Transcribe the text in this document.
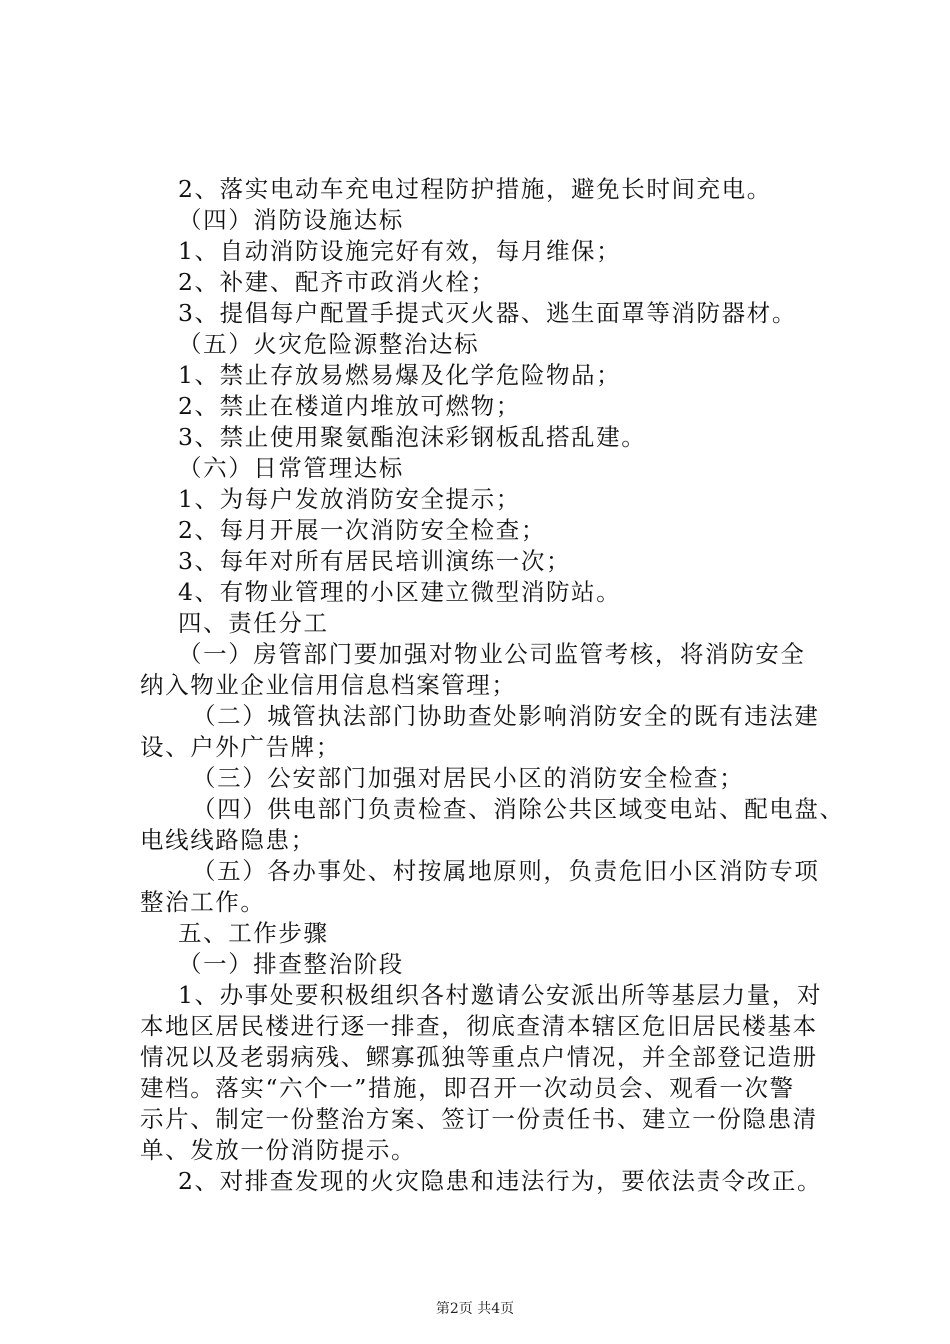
2、落实电动车充电过程防护措施，避免长时间充电。

（四）消防设施达标

1、自动消防设施完好有效，每月维保；

2、补建、配齐市政消火栓；

3、提倡每户配置手提式灭火器、逃生面罩等消防器材。

（五）火灾危险源整治达标

1、禁止存放易燃易爆及化学危险物品；

2、禁止在楼道内堆放可燃物；

3、禁止使用聚氨酯泡沫彩钢板乱搭乱建。

（六）日常管理达标

1、为每户发放消防安全提示；

2、每月开展一次消防安全检查；

3、每年对所有居民培训演练一次；

4、有物业管理的小区建立微型消防站。

四、责任分工

（一）房管部门要加强对物业公司监管考核，将消防安全

纳入物业企业信用信息档案管理；

（二）城管执法部门协助查处影响消防安全的既有违法建

设、户外广告牌；

（三）公安部门加强对居民小区的消防安全检查；

（四）供电部门负责检查、消除公共区域变电站、配电盘、

电线线路隐患；

（五）各办事处、村按属地原则，负责危旧小区消防专项

整治工作。

五、工作步骤

（一）排查整治阶段

1、办事处要积极组织各村邀请公安派出所等基层力量，对

本地区居民楼进行逐一排查，彻底查清本辖区危旧居民楼基本

情况以及老弱病残、鳏寡孤独等重点户情况，并全部登记造册

建档。落实“六个一”措施，即召开一次动员会、观看一次警

示片、制定一份整治方案、签订一份责任书、建立一份隐患清

单、发放一份消防提示。

2、对排查发现的火灾隐患和违法行为，要依法责令改正。

第2页 共4页
